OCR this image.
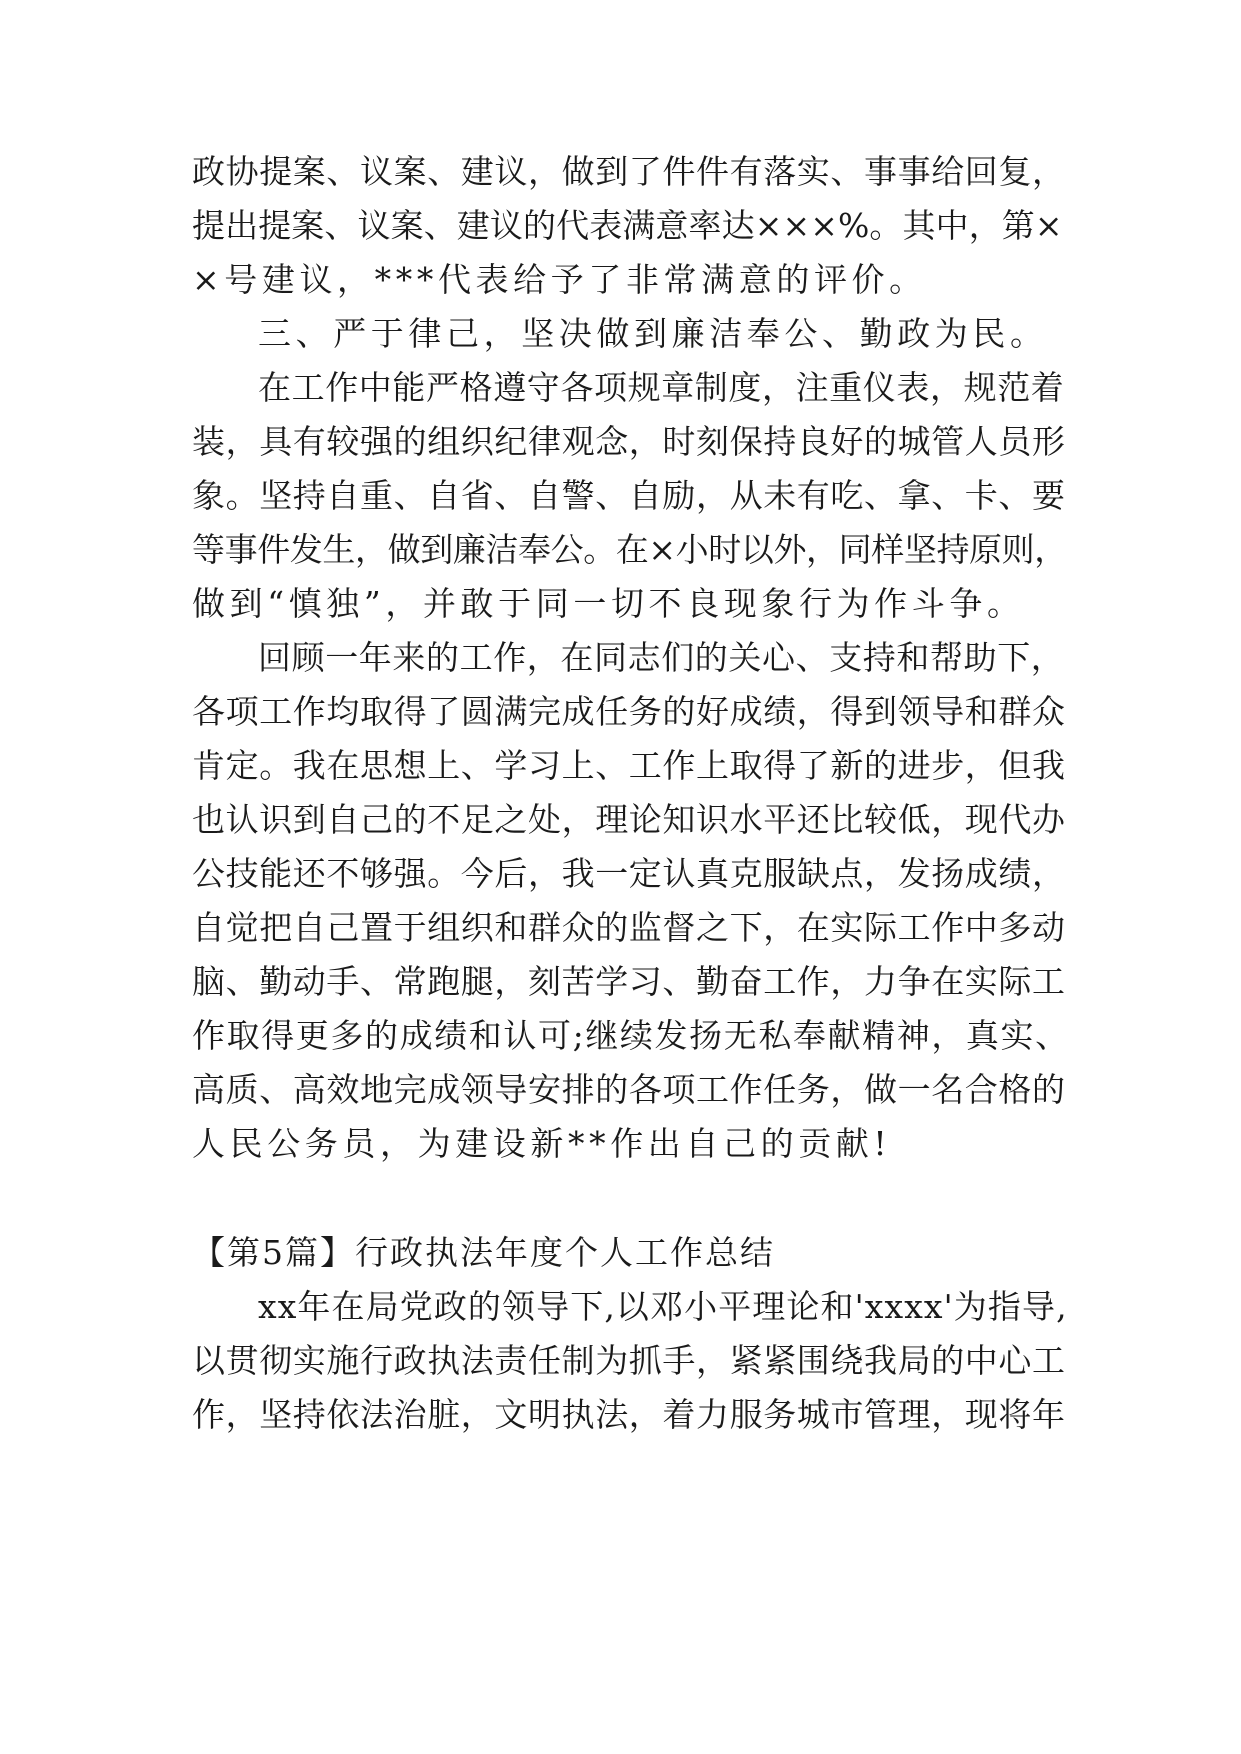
政协提案、议案、建议，做到了件件有落实、事事给回复，
提出提案、议案、建议的代表满意率达×××%。其中，第×
×号建议，***代表给予了非常满意的评价。
三、严于律己，坚决做到廉洁奉公、勤政为民。
在工作中能严格遵守各项规章制度，注重仪表，规范着
装，具有较强的组织纪律观念，时刻保持良好的城管人员形
象。坚持自重、自省、自警、自励，从未有吃、拿、卡、要
等事件发生，做到廉洁奉公。在×小时以外，同样坚持原则，
做到“慎独”，并敢于同一切不良现象行为作斗争。
回顾一年来的工作，在同志们的关心、支持和帮助下，
各项工作均取得了圆满完成任务的好成绩，得到领导和群众
肯定。我在思想上、学习上、工作上取得了新的进步，但我
也认识到自己的不足之处，理论知识水平还比较低，现代办
公技能还不够强。今后，我一定认真克服缺点，发扬成绩，
自觉把自己置于组织和群众的监督之下，在实际工作中多动
脑、勤动手、常跑腿，刻苦学习、勤奋工作，力争在实际工
作取得更多的成绩和认可;继续发扬无私奉献精神，真实、
高质、高效地完成领导安排的各项工作任务，做一名合格的
人民公务员，为建设新**作出自己的贡献!
【第5篇】行政执法年度个人工作总结
xx年在局党政的领导下,以邓小平理论和'xxxx'为指导,
以贯彻实施行政执法责任制为抓手，紧紧围绕我局的中心工
作，坚持依法治脏，文明执法，着力服务城市管理，现将年
